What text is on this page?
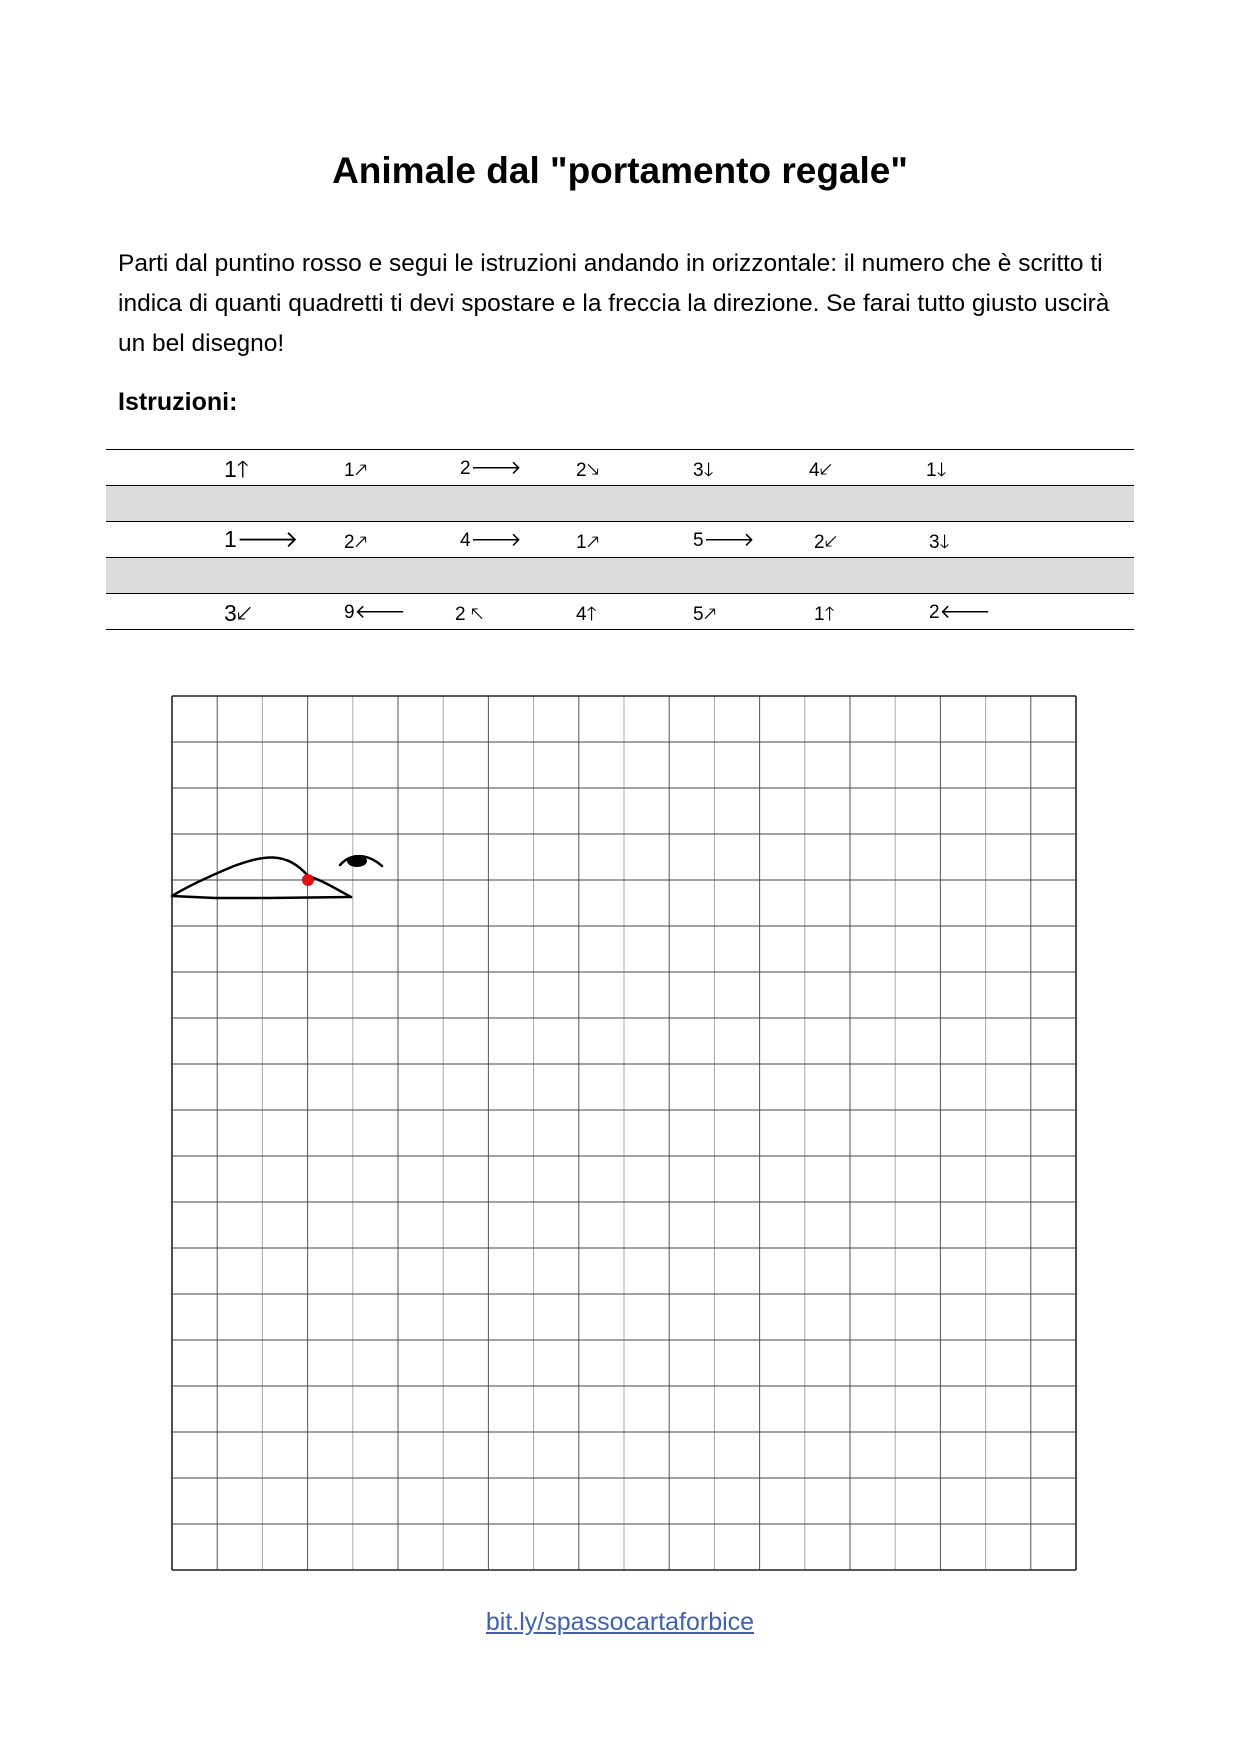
Animale dal "portamento regale"

Parti dal puntino rosso e segui le istruzioni andando in orizzontale: il numero che è scritto ti indica di quanti quadretti ti devi spostare e la freccia la direzione. Se farai tutto giusto uscirà un bel disegno!

Istruzioni:

1🡑	1🡕	2🡒	2🡖	3🡓	4🡗	1🡓
1🡒 2🡕	4🡒	1🡕	5🡒	2🡗	3🡓
3🡗	9🡐	2 🡔	4🡑	5🡕	1🡑	2🡐
bit.ly/spassocartaforbice
